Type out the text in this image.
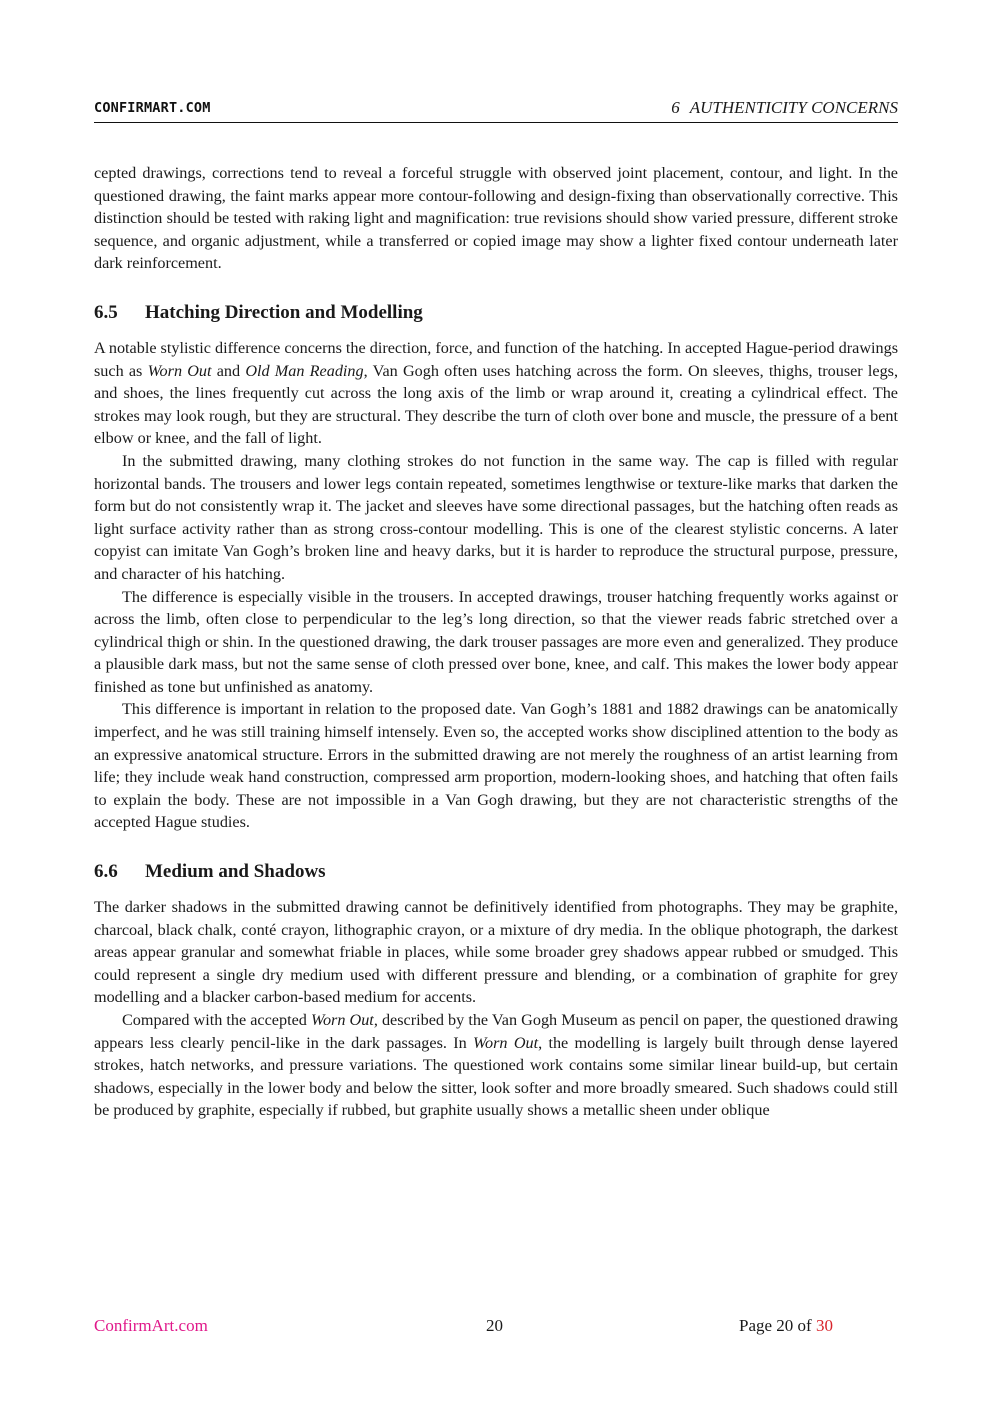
CONFIRMART.COM	6 AUTHENTICITY CONCERNS

cepted drawings, corrections tend to reveal a forceful struggle with observed joint placement, contour, and light. In the questioned drawing, the faint marks appear more contour-following and design-fixing than observationally corrective. This distinction should be tested with raking light and magnification: true revisions should show varied pressure, different stroke sequence, and organic adjustment, while a transferred or copied image may show a lighter fixed contour underneath later dark reinforcement.

6.5 Hatching Direction and Modelling

A notable stylistic difference concerns the direction, force, and function of the hatching. In accepted Hague-period drawings such as Worn Out and Old Man Reading, Van Gogh often uses hatching across the form. On sleeves, thighs, trouser legs, and shoes, the lines frequently cut across the long axis of the limb or wrap around it, creating a cylindrical effect. The strokes may look rough, but they are structural. They describe the turn of cloth over bone and muscle, the pressure of a bent elbow or knee, and the fall of light.

In the submitted drawing, many clothing strokes do not function in the same way. The cap is filled with regular horizontal bands. The trousers and lower legs contain repeated, sometimes lengthwise or texture-like marks that darken the form but do not consistently wrap it. The jacket and sleeves have some directional passages, but the hatching often reads as light surface activity rather than as strong cross-contour modelling. This is one of the clearest stylistic concerns. A later copyist can imitate Van Gogh’s broken line and heavy darks, but it is harder to reproduce the structural purpose, pressure, and character of his hatching.

The difference is especially visible in the trousers. In accepted drawings, trouser hatching frequently works against or across the limb, often close to perpendicular to the leg’s long direction, so that the viewer reads fabric stretched over a cylindrical thigh or shin. In the questioned drawing, the dark trouser passages are more even and generalized. They produce a plausible dark mass, but not the same sense of cloth pressed over bone, knee, and calf. This makes the lower body appear finished as tone but unfinished as anatomy.

This difference is important in relation to the proposed date. Van Gogh’s 1881 and 1882 drawings can be anatomically imperfect, and he was still training himself intensely. Even so, the accepted works show disciplined attention to the body as an expressive anatomical structure. Errors in the submitted drawing are not merely the roughness of an artist learning from life; they include weak hand construction, compressed arm proportion, modern-looking shoes, and hatching that often fails to explain the body. These are not impossible in a Van Gogh drawing, but they are not characteristic strengths of the accepted Hague studies.

6.6 Medium and Shadows

The darker shadows in the submitted drawing cannot be definitively identified from photographs. They may be graphite, charcoal, black chalk, conté crayon, lithographic crayon, or a mixture of dry media. In the oblique photograph, the darkest areas appear granular and somewhat friable in places, while some broader grey shadows appear rubbed or smudged. This could represent a single dry medium used with different pressure and blending, or a combination of graphite for grey modelling and a blacker carbon-based medium for accents.

Compared with the accepted Worn Out, described by the Van Gogh Museum as pencil on paper, the questioned drawing appears less clearly pencil-like in the dark passages. In Worn Out, the modelling is largely built through dense layered strokes, hatch networks, and pressure variations. The questioned work contains some similar linear build-up, but certain shadows, especially in the lower body and below the sitter, look softer and more broadly smeared. Such shadows could still be produced by graphite, especially if rubbed, but graphite usually shows a metallic sheen under oblique

ConfirmArt.com	20	Page 20 of 30
